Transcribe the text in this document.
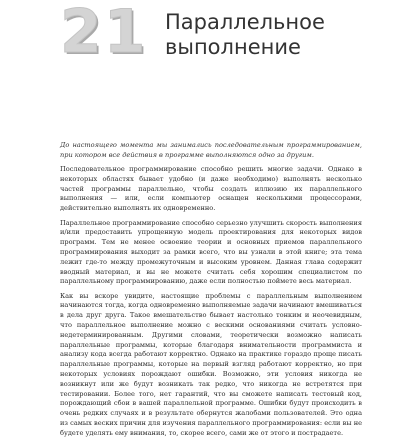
21 Параллельное
выполнение

До настоящего момента мы занимались последовательным программированием, при котором все действия в программе выполняются одно за другим.

Последовательное программирование способно решить многие задачи. Однако в некоторых областях бывает удобно (и даже необходимо) выполнять несколько частей программы параллельно, чтобы создать иллюзию их параллельного выполнения — или, если компьютер оснащен несколькими процессорами, действительно выполнять их одновременно.

Параллельное программирование способно серьезно улучшить скорость выполнения и/или предоставить упрощенную модель проектирования для некоторых видов программ. Тем не менее освоение теории и основных приемов параллельного программирования выходит за рамки всего, что вы узнали в этой книге; эта тема лежит где-то между промежуточным и высоким уровнем. Данная глава содержит вводный материал, и вы не можете считать себя хорошим специалистом по параллельному программированию, даже если полностью поймете весь материал.

Как вы вскоре увидите, настоящие проблемы с параллельным выполнением начинаются тогда, когда одновременно выполняемые задачи начинают вмешиваться в дела друг друга. Такое вмешательство бывает настолько тонким и неочевидным, что параллельное выполнение можно с вескими основаниями считать условно-недетерминированным. Другими словами, теоретически возможно написать параллельные программы, которые благодаря внимательности программиста и анализу кода всегда работают корректно. Однако на практике гораздо проще писать параллельные программы, которые на первый взгляд работают корректно, но при некоторых условиях порождают ошибки. Возможно, эти условия никогда не возникнут или же будут возникать так редко, что никогда не встретятся при тестировании. Более того, нет гарантий, что вы сможете написать тестовый код, порождающий сбои в вашей параллельной программе. Ошибки будут происходить в очень редких случаях и в результате обернутся жалобами пользователей. Это одна из самых веских причин для изучения параллельного программирования: если вы не будете уделять ему внимания, то, скорее всего, сами же от этого и пострадаете.
